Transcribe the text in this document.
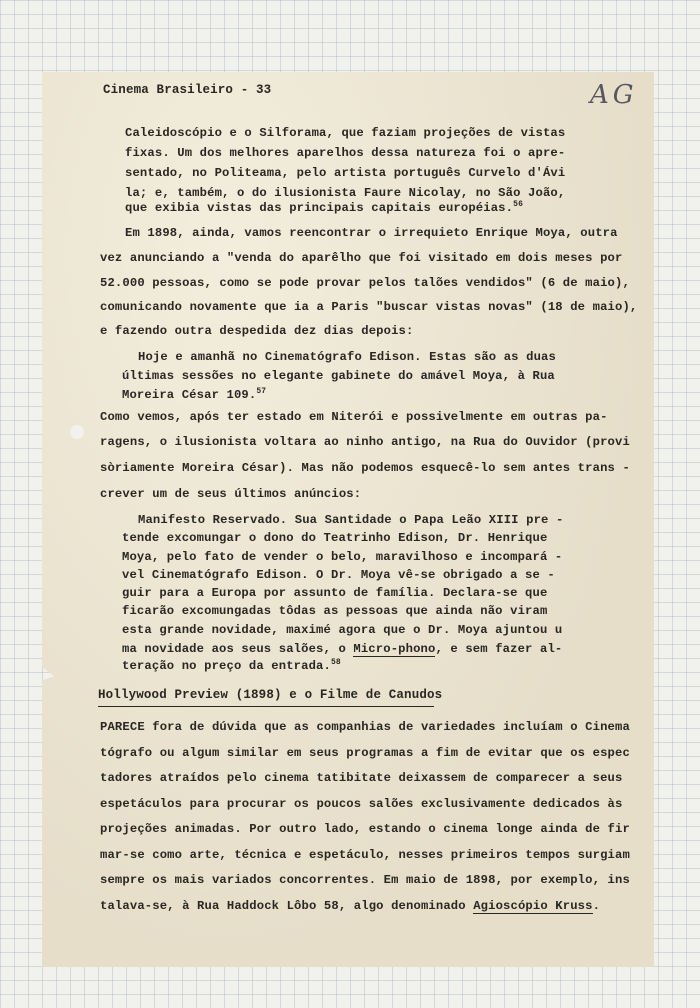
Cinema Brasileiro - 33	AG
Caleidoscópio e o Silforama, que faziam projeções de vistas
fixas. Um dos melhores aparelhos dessa natureza foi o apre-
sentado, no Politeama, pelo artista português Curvelo d'Ávi
la; e, também, o do ilusionista Faure Nicolay, no São João,
que exibia vistas das principais capitais européias.$^{56}$
Em 1898, ainda, vamos reencontrar o irrequieto Enrique Moya, outra
vez anunciando a "venda do aparêlho que foi visitado em dois meses por
52.000 pessoas, como se pode provar pelos talões vendidos" (6 de maio),
comunicando novamente que ia a Paris "buscar vistas novas" (18 de maio),
e fazendo outra despedida dez dias depois:
Hoje e amanhã no Cinematógrafo Edison. Estas são as duas
últimas sessões no elegante gabinete do amável Moya, à Rua
Moreira César 109.57
Como vemos, após ter estado em Niterói e possivelmente em outras pa-
ragens, o ilusionista voltara ao ninho antigo, na Rua do Ouvidor (provi
sòriamente Moreira César). Mas não podemos esquecê-lo sem antes trans -
crever um de seus últimos anúncios:
Manifesto Reservado. Sua Santidade o Papa Leão XIII pre -
tende excomungar o dono do Teatrinho Edison, Dr. Henrique
Moya, pelo fato de vender o belo, maravilhoso e incompará -
vel Cinematógrafo Edison. O Dr. Moya vê-se obrigado a se -
guir para a Europa por assunto de família. Declara-se que
ficarão excomungadas tôdas as pessoas que ainda não viram
esta grande novidade, maximé agora que o Dr. Moya ajuntou u
ma novidade aos seus salões, o Micro-phono, e sem fazer al-
teração no preço da entrada.$^{58}$
Hollywood Preview (1898) e o Filme de Canudos
PARECE fora de dúvida que as companhias de variedades incluíam o Cinema
tógrafo ou algum similar em seus programas a fim de evitar que os espec
tadores atraídos pelo cinema tatibitate deixassem de comparecer a seus
espetáculos para procurar os poucos salões exclusivamente dedicados às
projeções animadas. Por outro lado, estando o cinema longe ainda de fir
mar-se como arte, técnica e espetáculo, nesses primeiros tempos surgiam
sempre os mais variados concorrentes. Em maio de 1898, por exemplo, ins
talava-se, à Rua Haddock Lôbo 58, algo denominado Agioscópio Kruss.
